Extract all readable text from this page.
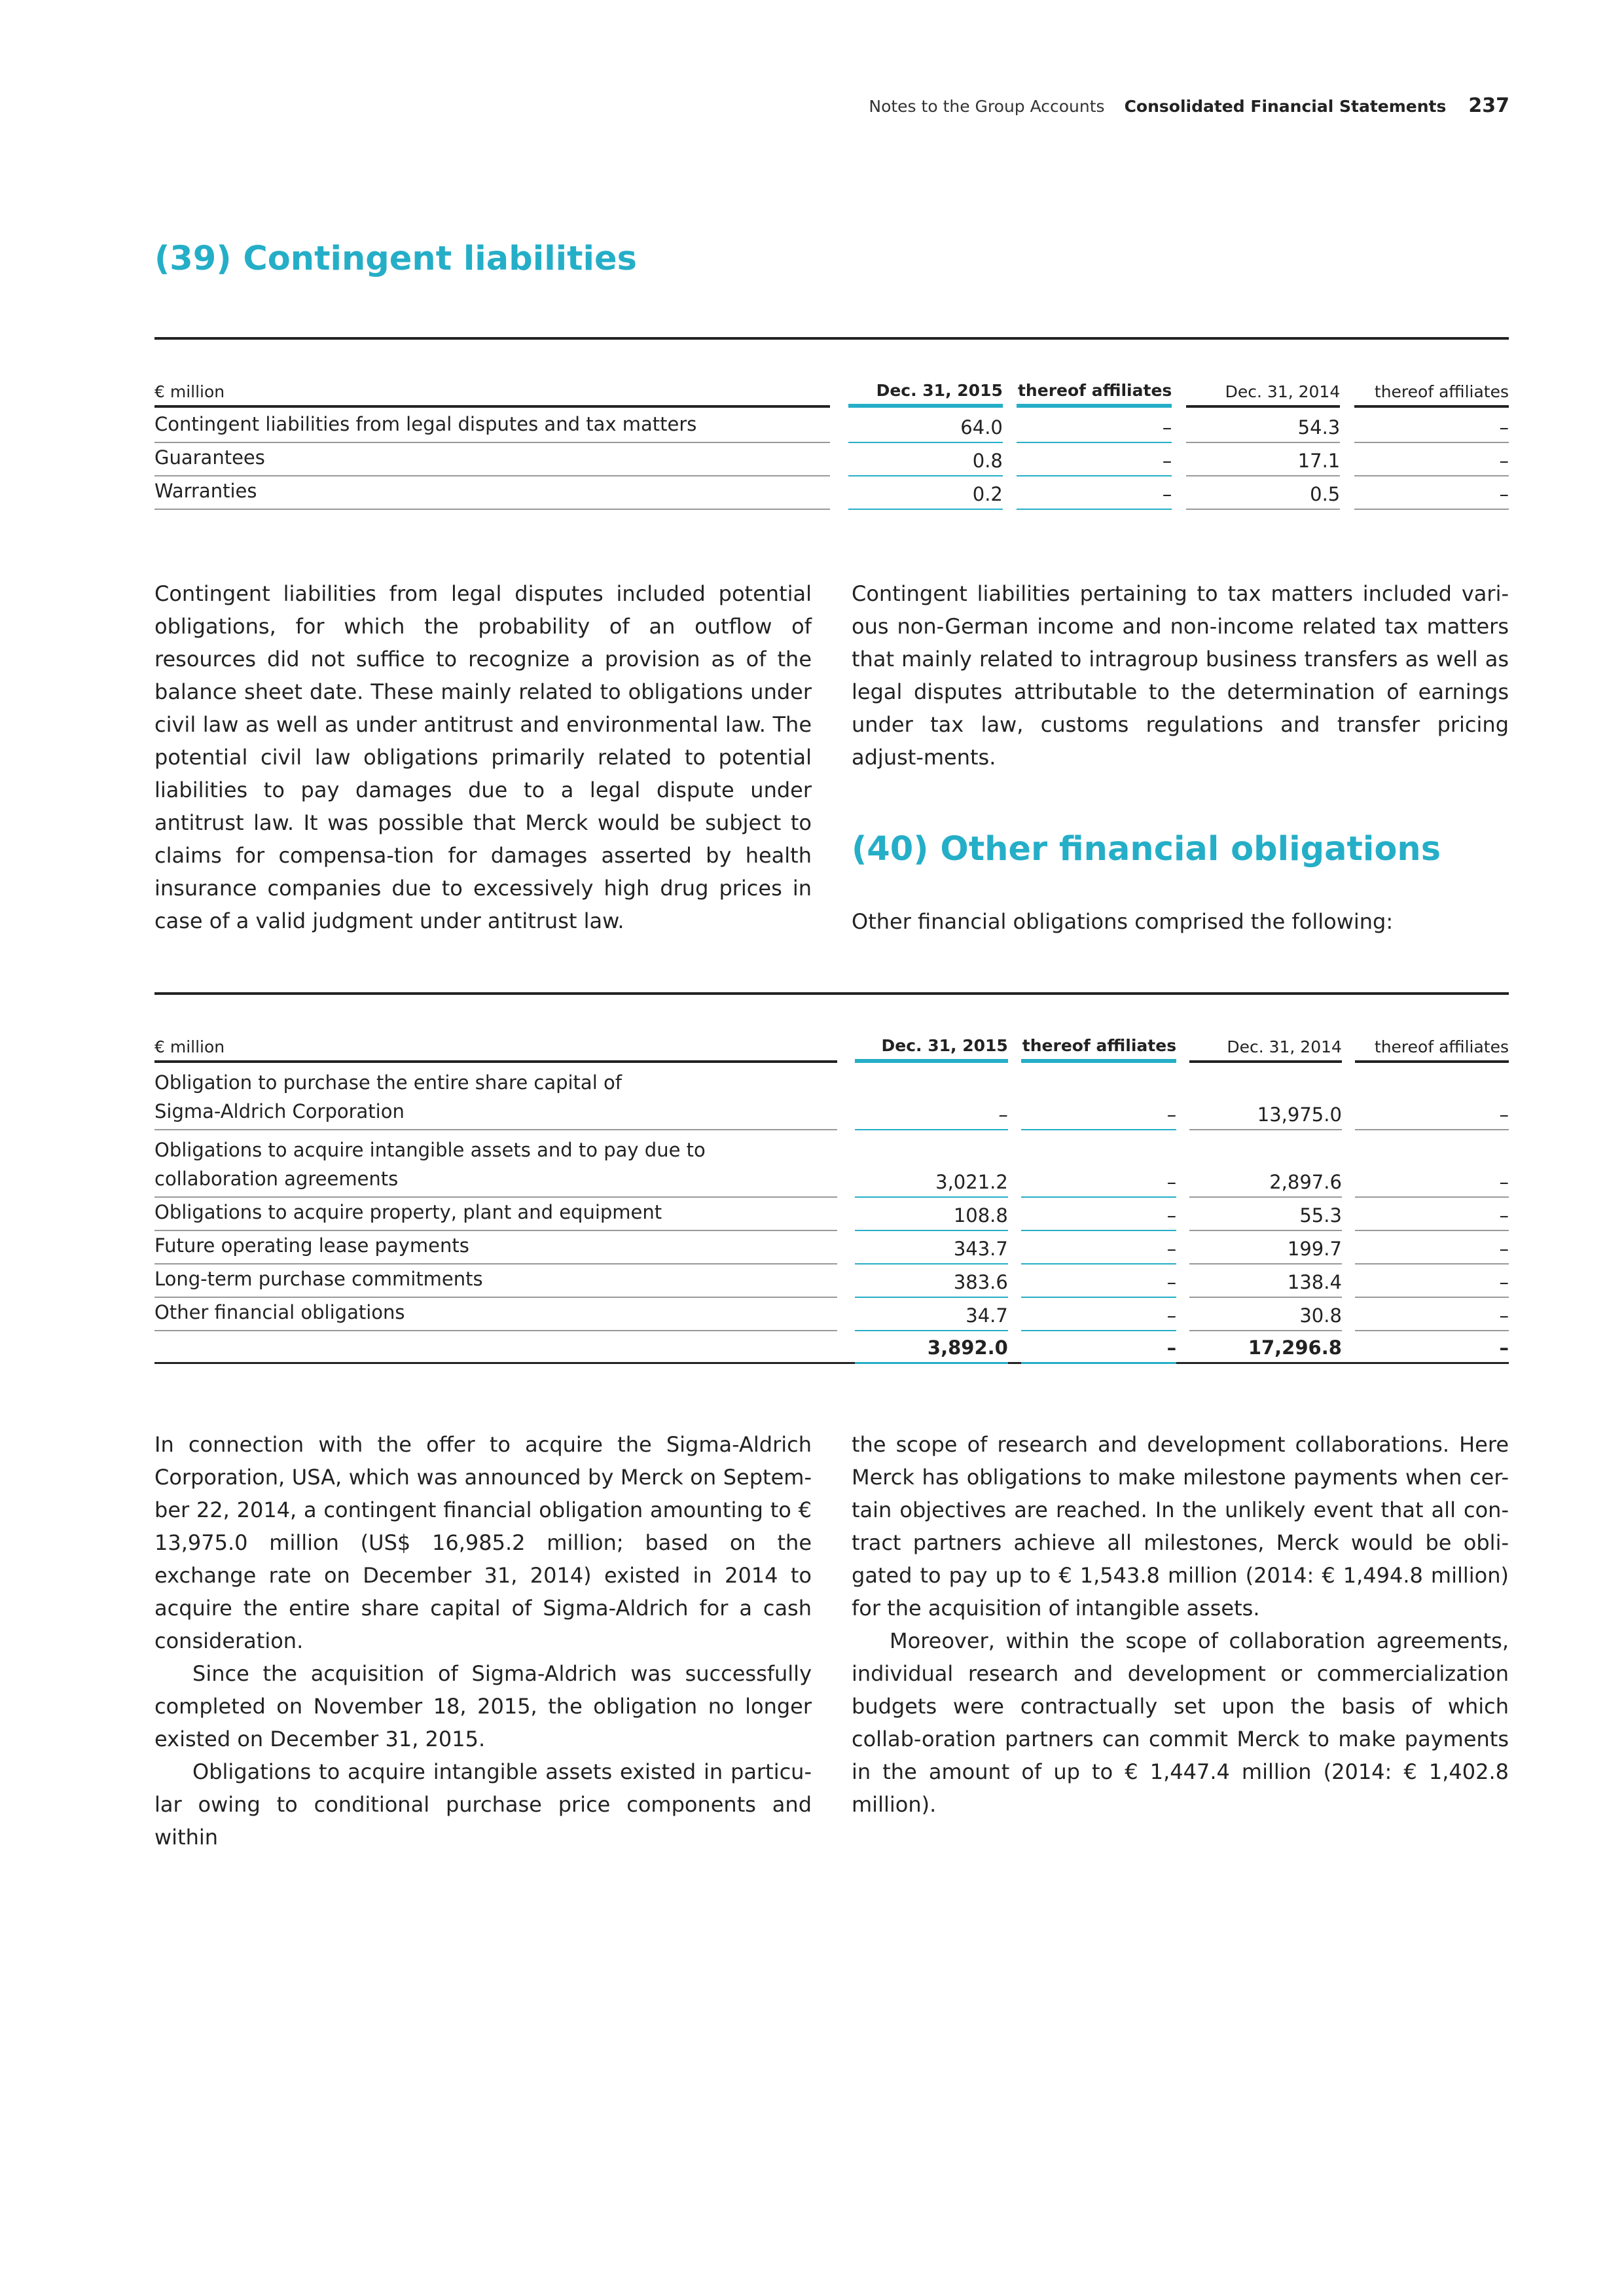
Notes to the Group Accounts Consolidated Financial Statements 237
(39) Contingent liabilities
€ million		Dec. 31, 2015		thereof affiliates		Dec. 31, 2014		thereof affiliates
Contingent liabilities from legal disputes and tax matters		64.0		–		54.3		–
Guarantees		0.8		–		17.1		–
Warranties		0.2		–		0.5		–

Contingent liabilities from legal disputes included potential obligations, for which the probability of an outflow of resources did not suffice to recognize a provision as of the balance sheet date. These mainly related to obligations under civil law as well as under antitrust and environmental law. The potential civil law obligations primarily related to potential liabilities to pay damages due to a legal dispute under antitrust law. It was possible that Merck would be subject to claims for compensa-tion for damages asserted by health insurance companies due to excessively high drug prices in case of a valid judgment under antitrust law.

Contingent liabilities pertaining to tax matters included vari-ous non-German income and non-income related tax matters that mainly related to intragroup business transfers as well as legal disputes attributable to the determination of earnings under tax law, customs regulations and transfer pricing adjust-ments.

(40) Other financial obligations

Other financial obligations comprised the following:

€ million		Dec. 31, 2015		thereof affiliates		Dec. 31, 2014		thereof affiliates
Obligation to purchase the entire share capital of Sigma-Aldrich Corporation		–		–		13,975.0		–
Obligations to acquire intangible assets and to pay due to collaboration agreements		3,021.2		–		2,897.6		–
Obligations to acquire property, plant and equipment		108.8		–		55.3		–
Future operating lease payments		343.7		–		199.7		–
Long-term purchase commitments		383.6		–		138.4		–
Other financial obligations		34.7		–		30.8		–
		3,892.0		–		17,296.8		–

In connection with the offer to acquire the Sigma-Aldrich Corporation, USA, which was announced by Merck on Septem-ber 22, 2014, a contingent financial obligation amounting to € 13,975.0 million (US$ 16,985.2 million; based on the exchange rate on December 31, 2014) existed in 2014 to acquire the entire share capital of Sigma-Aldrich for a cash consideration.

Since the acquisition of Sigma-Aldrich was successfully completed on November 18, 2015, the obligation no longer existed on December 31, 2015.

Obligations to acquire intangible assets existed in particu-lar owing to conditional purchase price components and within

the scope of research and development collaborations. Here Merck has obligations to make milestone payments when cer-tain objectives are reached. In the unlikely event that all con-tract partners achieve all milestones, Merck would be obli-gated to pay up to € 1,543.8 million (2014: € 1,494.8 million) for the acquisition of intangible assets.

Moreover, within the scope of collaboration agreements, individual research and development or commercialization budgets were contractually set upon the basis of which collab-oration partners can commit Merck to make payments in the amount of up to € 1,447.4 million (2014: € 1,402.8 million).
